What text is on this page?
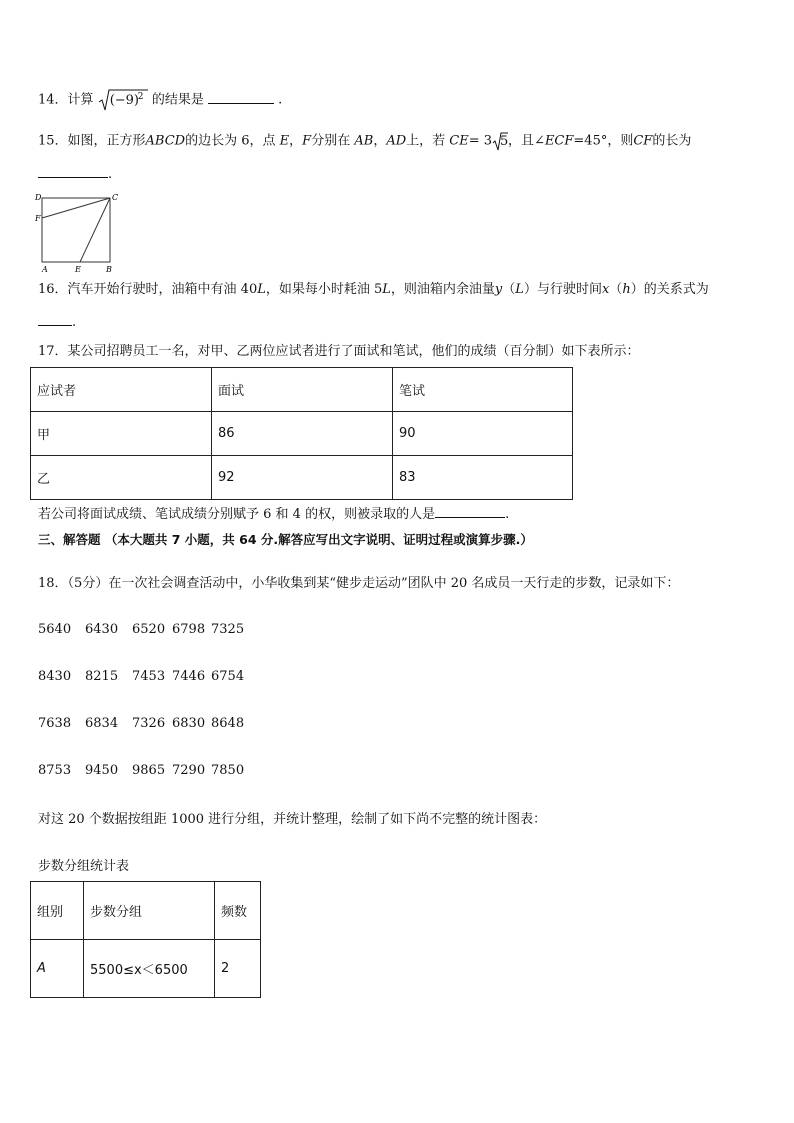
14．计算 (−9)
2 的结果是	.
15．如图，正方形ABCD的边长为 6，点 E，F分别在 AB，AD上，若 CE= 3 5 ，且∠ECF=45°，则CF的长为
.
D	C
F
A	E	B
16．汽车开始行驶时，油箱中有油 40L，如果每小时耗油 5L，则油箱内余油量y（L）与行驶时间x（h）的关系式为
.
17．某公司招聘员工一名，对甲、乙两位应试者进行了面试和笔试，他们的成绩（百分制）如下表所示：
应试者	面试	笔试
甲	86	90
乙	92	83
若公司将面试成绩、笔试成绩分别赋予 6 和 4 的权，则被录取的人是	.
三、解答题 （本大题共 7 小题，共 64 分.解答应写出文字说明、证明过程或演算步骤.）
18．（5分）在一次社会调查活动中，小华收集到某“健步走运动”团队中 20 名成员一天行走的步数，记录如下：
5640 6430 6520 6798 7325
8430 8215 7453 7446 6754
7638 6834 7326 6830 8648
8753 9450 9865 7290 7850
对这 20 个数据按组距 1000 进行分组，并统计整理，绘制了如下尚不完整的统计图表：
步数分组统计表
组别	步数分组	频数
A	5500≤x＜6500	2
